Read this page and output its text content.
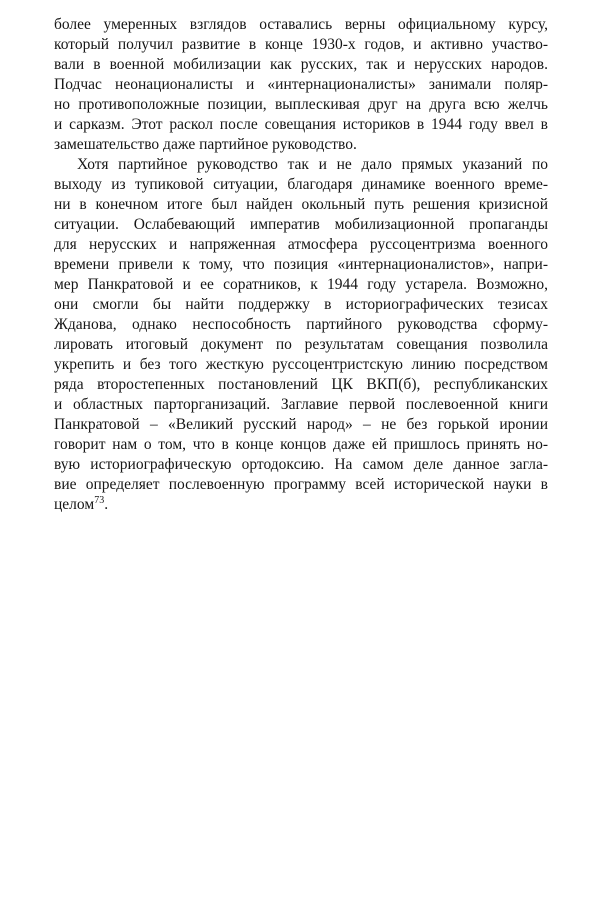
более умеренных взглядов оставались верны официальному курсу,
который получил развитие в конце 1930-х годов, и активно участво-
вали в военной мобилизации как русских, так и нерусских народов.
Подчас неонационалисты и «интернационалисты» занимали поляр-
но противоположные позиции, выплескивая друг на друга всю желчь
и сарказм. Этот раскол после совещания историков в 1944 году ввел в
замешательство даже партийное руководство.
Хотя партийное руководство так и не дало прямых указаний по
выходу из тупиковой ситуации, благодаря динамике военного време-
ни в конечном итоге был найден окольный путь решения кризисной
ситуации. Ослабевающий императив мобилизационной пропаганды
для нерусских и напряженная атмосфера руссоцентризма военного
времени привели к тому, что позиция «интернационалистов», напри-
мер Панкратовой и ее соратников, к 1944 году устарела. Возможно,
они смогли бы найти поддержку в историографических тезисах
Жданова, однако неспособность партийного руководства сформу-
лировать итоговый документ по результатам совещания позволила
укрепить и без того жесткую руссоцентристскую линию посредством
ряда второстепенных постановлений ЦК ВКП(б), республиканских
и областных парторганизаций. Заглавие первой послевоенной книги
Панкратовой – «Великий русский народ» – не без горькой иронии
говорит нам о том, что в конце концов даже ей пришлось принять но-
вую историографическую ортодоксию. На самом деле данное загла-
вие определяет послевоенную программу всей исторической науки в
целом$^{73}$.
